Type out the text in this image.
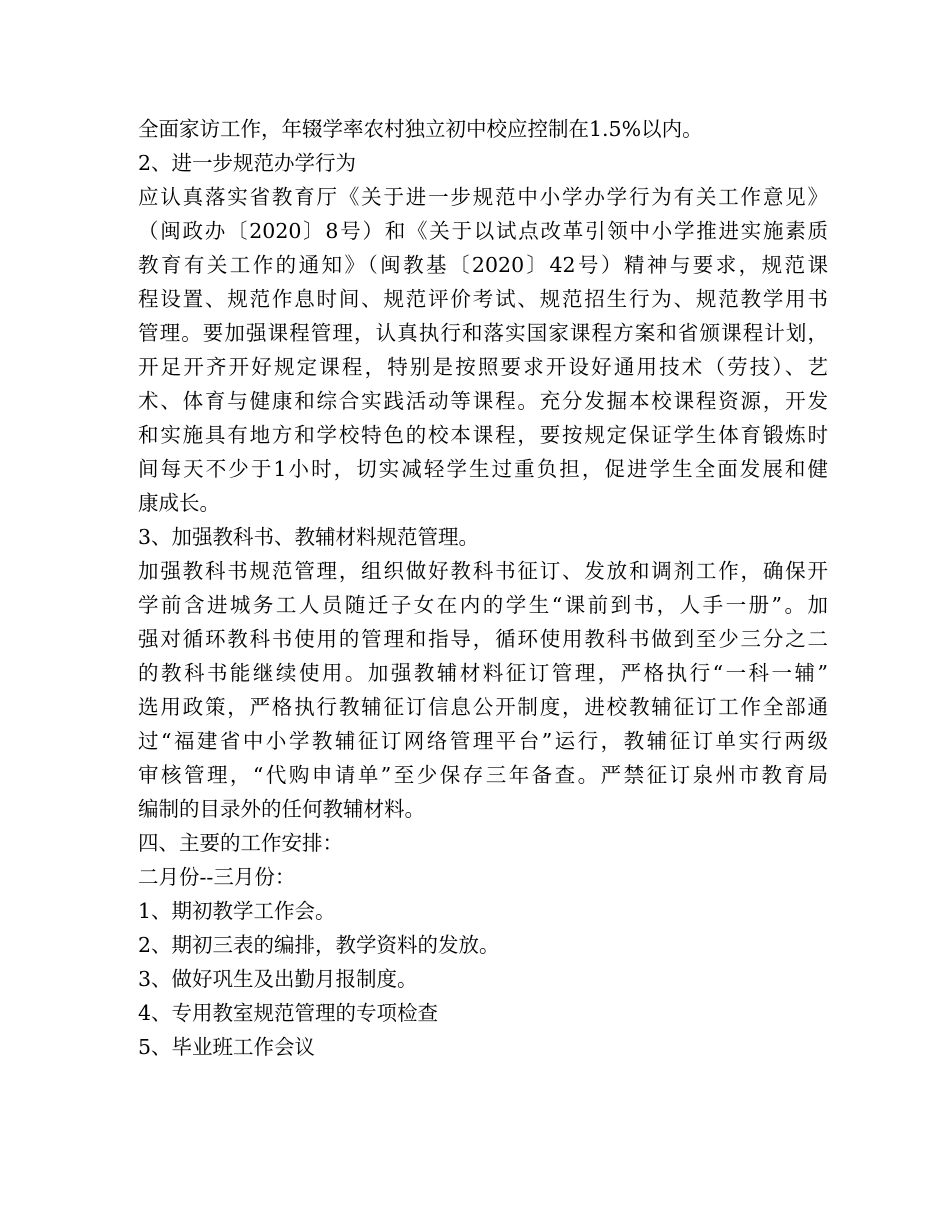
全面家访工作，年辍学率农村独立初中校应控制在1.5%以内。
2、进一步规范办学行为
应认真落实省教育厅《关于进一步规范中小学办学行为有关工作意见》
（闽政办〔2020〕8号）和《关于以试点改革引领中小学推进实施素质
教育有关工作的通知》（闽教基〔2020〕42号）精神与要求，规范课
程设置、规范作息时间、规范评价考试、规范招生行为、规范教学用书
管理。要加强课程管理，认真执行和落实国家课程方案和省颁课程计划，
开足开齐开好规定课程，特别是按照要求开设好通用技术（劳技）、艺
术、体育与健康和综合实践活动等课程。充分发掘本校课程资源，开发
和实施具有地方和学校特色的校本课程，要按规定保证学生体育锻炼时
间每天不少于1小时，切实减轻学生过重负担，促进学生全面发展和健
康成长。
3、加强教科书、教辅材料规范管理。
加强教科书规范管理，组织做好教科书征订、发放和调剂工作，确保开
学前含进城务工人员随迁子女在内的学生“课前到书，人手一册”。加
强对循环教科书使用的管理和指导，循环使用教科书做到至少三分之二
的教科书能继续使用。加强教辅材料征订管理，严格执行“一科一辅”
选用政策，严格执行教辅征订信息公开制度，进校教辅征订工作全部通
过“福建省中小学教辅征订网络管理平台”运行，教辅征订单实行两级
审核管理，“代购申请单”至少保存三年备查。严禁征订泉州市教育局
编制的目录外的任何教辅材料。
四、主要的工作安排：
二月份--三月份：
1、期初教学工作会。
2、期初三表的编排，教学资料的发放。
3、做好巩生及出勤月报制度。
4、专用教室规范管理的专项检查
5、毕业班工作会议
